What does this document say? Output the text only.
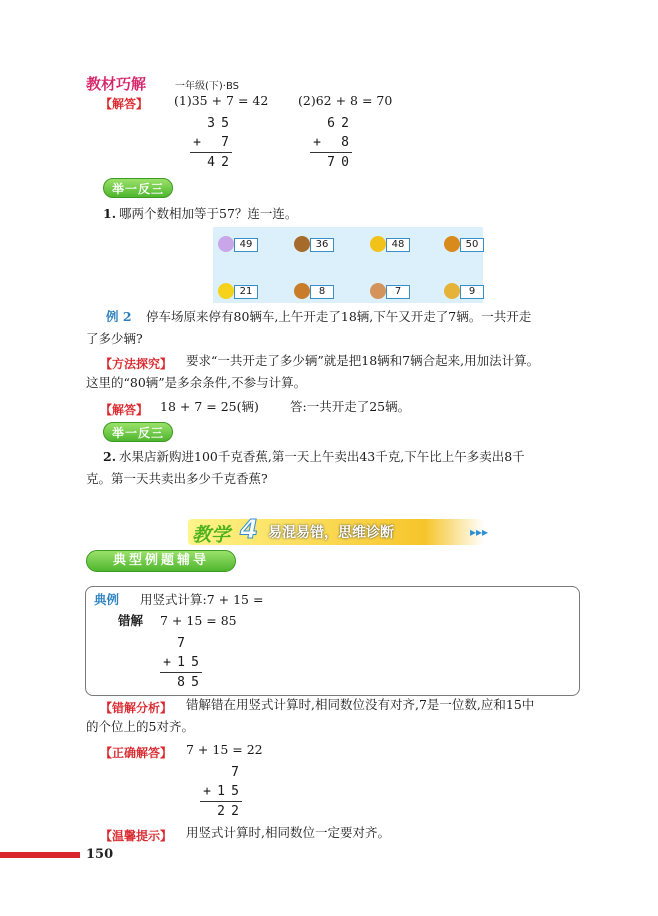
教材巧解	一年级(下)·BS
【解答】 (1)35 + 7 = 42 (2)62 + 8 = 70
3 5
+ 7
4 2
6 2
+ 8
7 0
举一反三
1. 哪两个数相加等于57？连一连。
49	36	48	50
21	8	7	9
例 2 停车场原来停有80辆车,上午开走了18辆,下午又开走了7辆。一共开走
了多少辆?
【方法探究】 要求“一共开走了多少辆”就是把18辆和7辆合起来,用加法计算。
这里的“80辆”是多余条件,不参与计算。
【解答】 18 + 7 = 25(辆) 答:一共开走了25辆。
举一反三
2. 水果店新购进100千克香蕉,第一天上午卖出43千克,下午比上午多卖出8千
克。第一天共卖出多少千克香蕉?
教学 4 易混易错，思维诊断	▸▸▸
典型例题辅导
典例 用竖式计算:7 + 15 =
错解 7 + 15 = 85
7
+ 1 5
8 5
【错解分析】 错解错在用竖式计算时,相同数位没有对齐,7是一位数,应和15中
的个位上的5对齐。
【正确解答】 7 + 15 = 22
7
+ 1 5
2 2
【温馨提示】 用竖式计算时,相同数位一定要对齐。
150
